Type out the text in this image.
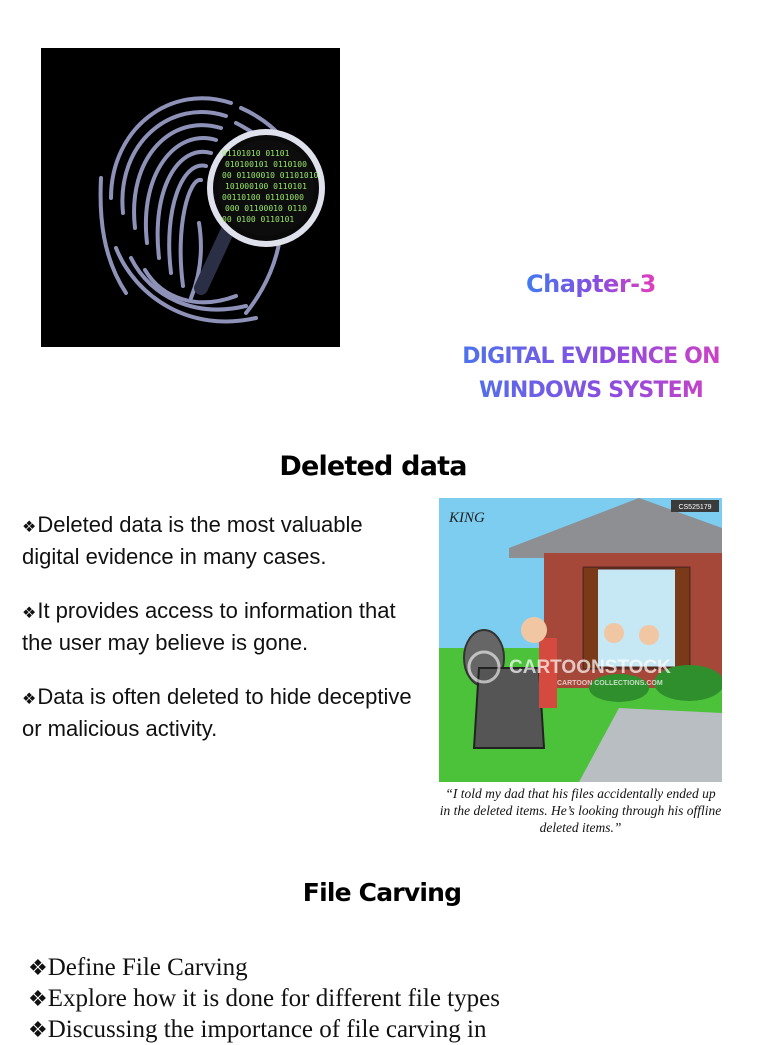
01101010 01101
010100101 0110100
00 01100010 01101010
101000100 0110101
00110100 01101000
000 01100010 0110
00 0100 0110101
Chapter-3
DIGITAL EVIDENCE ON
WINDOWS SYSTEM
Deleted data
❖Deleted data is the most valuable digital evidence in many cases.
❖It provides access to information that the user may believe is gone.
❖Data is often deleted to hide deceptive or malicious activity.
KING
CS525179
CARTOONSTOCK
CARTOON COLLECTIONS.COM
“I told my dad that his files accidentally ended up in the deleted items. He’s looking through his offline deleted items.”
File Carving
❖Define File Carving
❖Explore how it is done for different file types
❖Discussing the importance of file carving in
